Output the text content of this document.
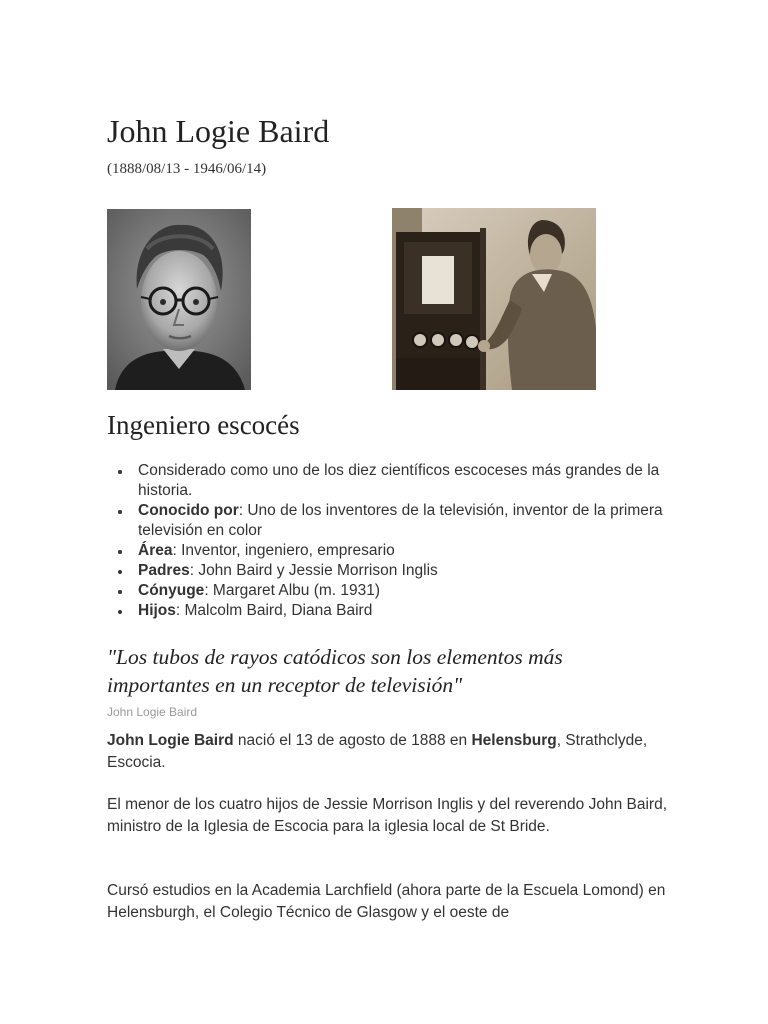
John Logie Baird
(1888/08/13 - 1946/06/14)
Ingeniero escocés
Considerado como uno de los diez científicos escoceses más grandes de la historia.
Conocido por: Uno de los inventores de la televisión, inventor de la primera televisión en color
Área: Inventor, ingeniero, empresario
Padres: John Baird y Jessie Morrison Inglis
Cónyuge: Margaret Albu (m. 1931)
Hijos: Malcolm Baird, Diana Baird
"Los tubos de rayos catódicos son los elementos más importantes en un receptor de televisión"
John Logie Baird

John Logie Baird nació el 13 de agosto de 1888 en Helensburg, Strathclyde, Escocia.

El menor de los cuatro hijos de Jessie Morrison Inglis y del reverendo John Baird, ministro de la Iglesia de Escocia para la iglesia local de St Bride.

Cursó estudios en la Academia Larchfield (ahora parte de la Escuela Lomond) en Helensburgh, el Colegio Técnico de Glasgow y el oeste de
